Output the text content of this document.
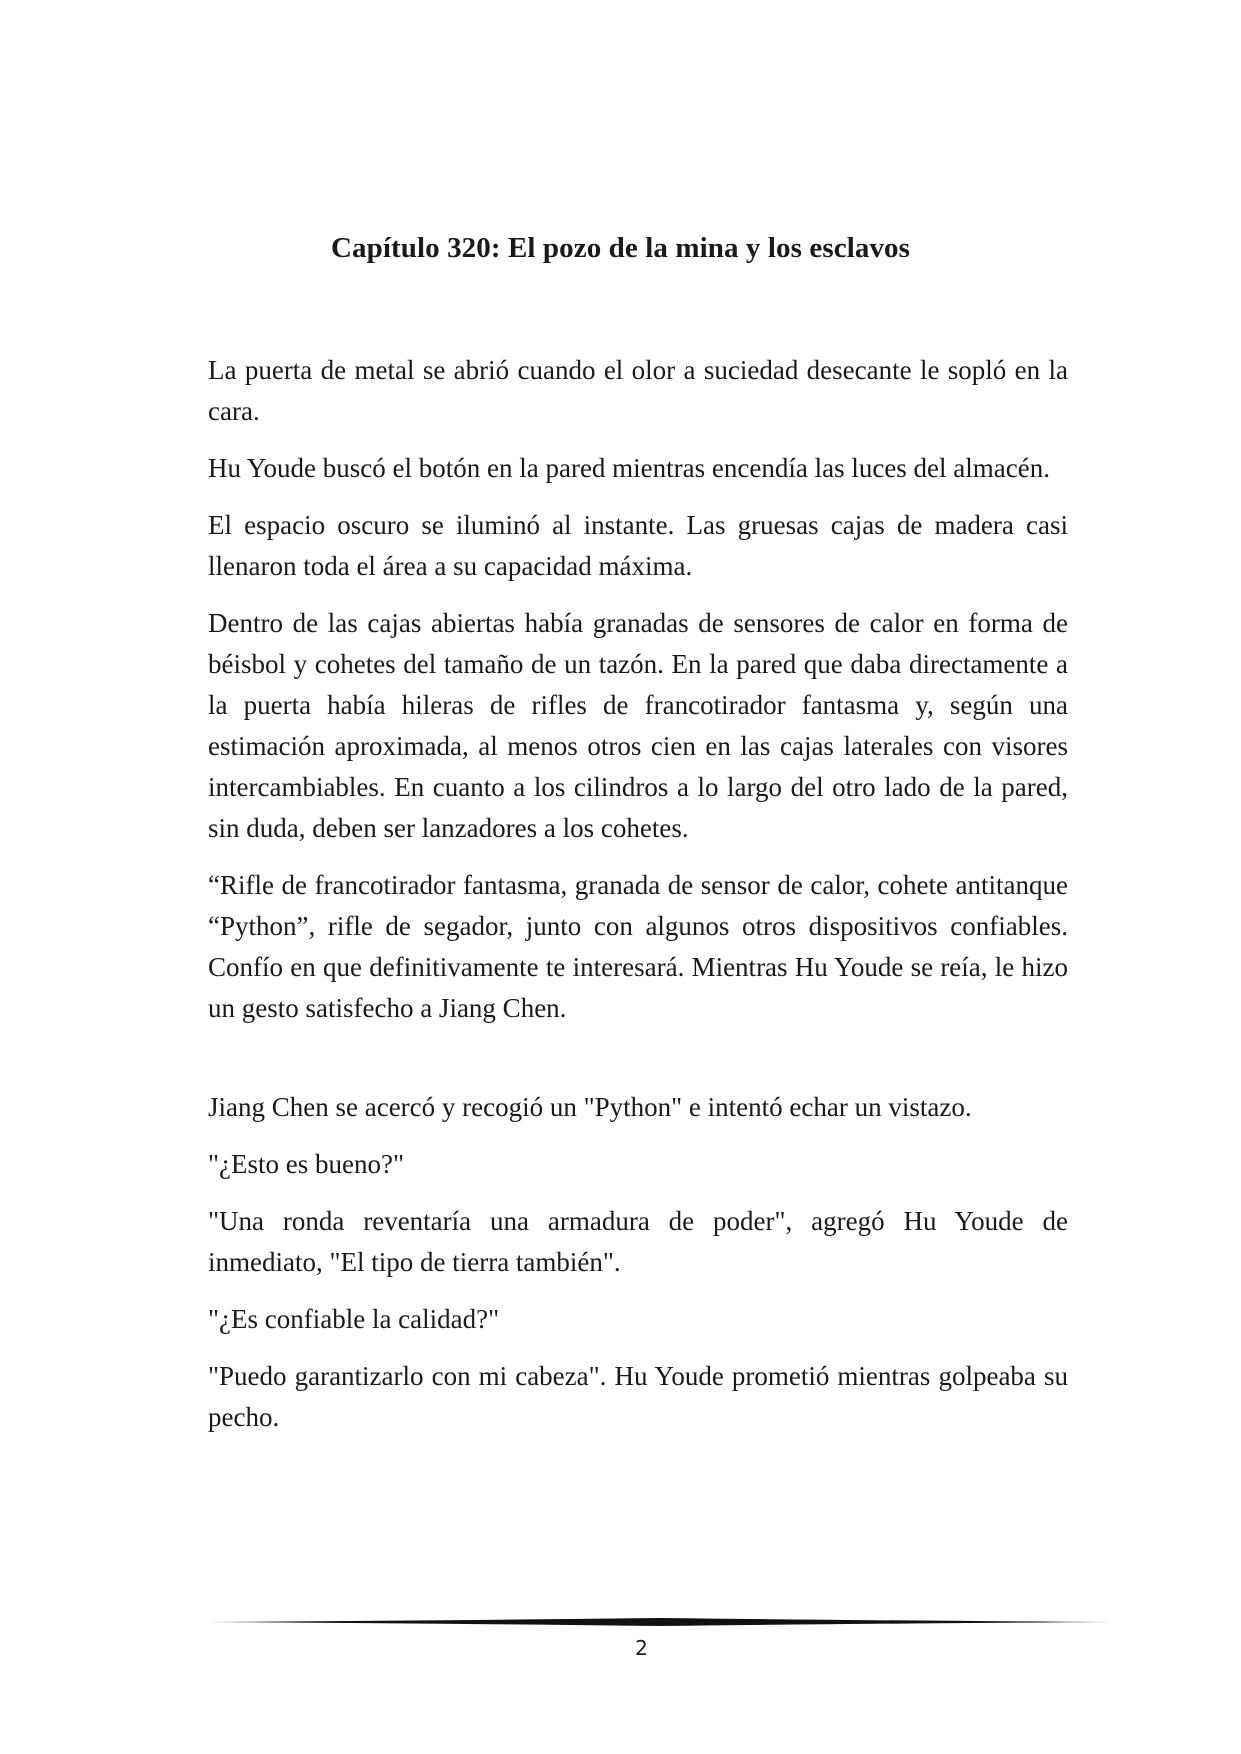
Capítulo 320: El pozo de la mina y los esclavos

La puerta de metal se abrió cuando el olor a suciedad desecante le sopló en la cara.

Hu Youde buscó el botón en la pared mientras encendía las luces del almacén.

El espacio oscuro se iluminó al instante. Las gruesas cajas de madera casi llenaron toda el área a su capacidad máxima.

Dentro de las cajas abiertas había granadas de sensores de calor en forma de béisbol y cohetes del tamaño de un tazón. En la pared que daba directamente a la puerta había hileras de rifles de francotirador fantasma y, según una estimación aproximada, al menos otros cien en las cajas laterales con visores intercambiables. En cuanto a los cilindros a lo largo del otro lado de la pared, sin duda, deben ser lanzadores a los cohetes.

“Rifle de francotirador fantasma, granada de sensor de calor, cohete antitanque “Python”, rifle de segador, junto con algunos otros dispositivos confiables. Confío en que definitivamente te interesará. Mientras Hu Youde se reía, le hizo un gesto satisfecho a Jiang Chen.

Jiang Chen se acercó y recogió un "Python" e intentó echar un vistazo.

"¿Esto es bueno?"

"Una ronda reventaría una armadura de poder", agregó Hu Youde de inmediato, "El tipo de tierra también".

"¿Es confiable la calidad?"

"Puedo garantizarlo con mi cabeza". Hu Youde prometió mientras golpeaba su pecho.

2
